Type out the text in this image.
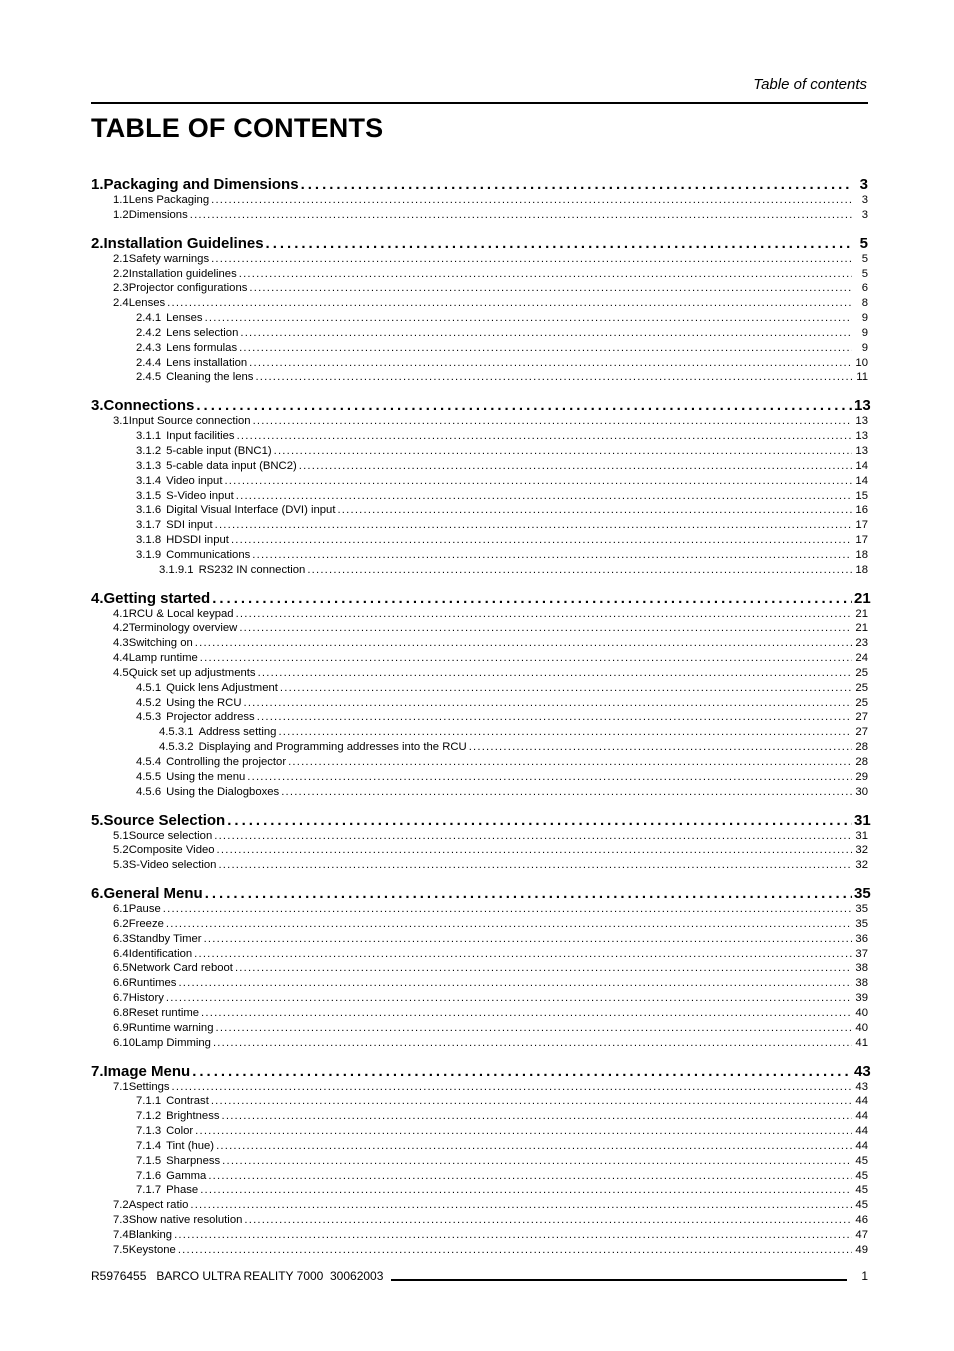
Table of contents
TABLE OF CONTENTS
1. Packaging and Dimensions .....	3
1.1 Lens Packaging .....	3
1.2 Dimensions .....	3
2. Installation Guidelines .....	5
2.1 Safety warnings .....	5
2.2 Installation guidelines .....	5
2.3 Projector configurations .....	6
2.4 Lenses .....	8
2.4.1 Lenses .....	9
2.4.2 Lens selection .....	9
2.4.3 Lens formulas .....	9
2.4.4 Lens installation .....	10
2.4.5 Cleaning the lens .....	11
3. Connections .....	13
3.1 Input Source connection .....	13
3.1.1 Input facilities .....	13
3.1.2 5-cable input (BNC1) .....	13
3.1.3 5-cable data input (BNC2) .....	14
3.1.4 Video input .....	14
3.1.5 S-Video input .....	15
3.1.6 Digital Visual Interface (DVI) input .....	16
3.1.7 SDI input .....	17
3.1.8 HDSDI input .....	17
3.1.9 Communications .....	18
3.1.9.1 RS232 IN connection .....	18
4. Getting started .....	21
4.1 RCU & Local keypad .....	21
4.2 Terminology overview .....	21
4.3 Switching on .....	23
4.4 Lamp runtime .....	24
4.5 Quick set up adjustments .....	25
4.5.1 Quick lens Adjustment .....	25
4.5.2 Using the RCU .....	25
4.5.3 Projector address .....	27
4.5.3.1 Address setting .....	27
4.5.3.2 Displaying and Programming addresses into the RCU .....	28
4.5.4 Controlling the projector .....	28
4.5.5 Using the menu .....	29
4.5.6 Using the Dialogboxes .....	30
5. Source Selection .....	31
5.1 Source selection .....	31
5.2 Composite Video .....	32
5.3 S-Video selection .....	32
6. General Menu .....	35
6.1 Pause .....	35
6.2 Freeze .....	35
6.3 Standby Timer .....	36
6.4 Identification .....	37
6.5 Network Card reboot .....	38
6.6 Runtimes .....	38
6.7 History .....	39
6.8 Reset runtime .....	40
6.9 Runtime warning .....	40
6.10 Lamp Dimming .....	41
7. Image Menu .....	43
7.1 Settings .....	43
7.1.1 Contrast .....	44
7.1.2 Brightness .....	44
7.1.3 Color .....	44
7.1.4 Tint (hue) .....	44
7.1.5 Sharpness .....	45
7.1.6 Gamma .....	45
7.1.7 Phase .....	45
7.2 Aspect ratio .....	45
7.3 Show native resolution .....	46
7.4 Blanking .....	47
7.5 Keystone .....	49
R5976455   BARCO ULTRA REALITY 7000  30062003	1
